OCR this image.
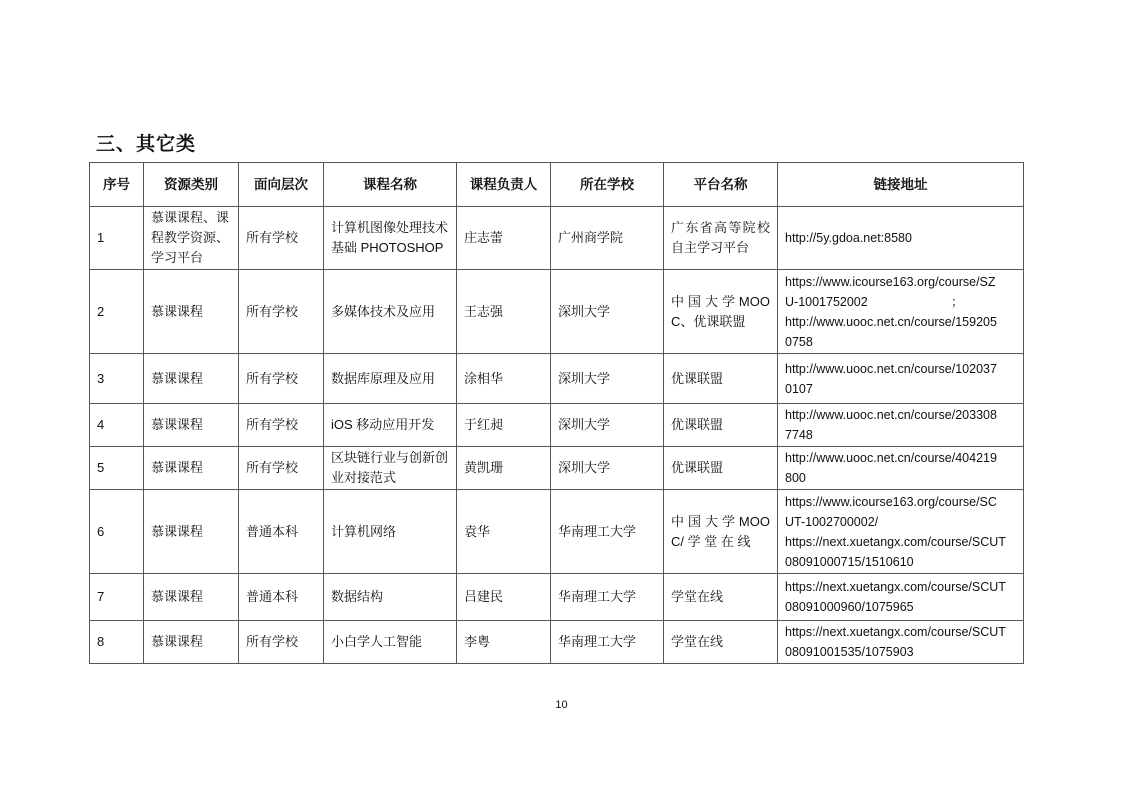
三、其它类
序号	资源类别	面向层次	课程名称	课程负责人	所在学校	平台名称	链接地址
1	慕课课程、课程教学资源、学习平台	所有学校	计算机图像处理技术基础 PHOTOSHOP	庄志蕾	广州商学院	广东省高等院校自主学习平台	http://5y.gdoa.net:8580

2	慕课课程	所有学校	多媒体技术及应用	王志强	深圳大学	中 国 大 学 MOOC、优课联盟	https://www.icourse163.org/course/SZ
U-1001752002                        ；
http://www.uooc.net.cn/course/159205
0758

3	慕课课程	所有学校	数据库原理及应用	涂相华	深圳大学	优课联盟	http://www.uooc.net.cn/course/102037
0107

4	慕课课程	所有学校	iOS 移动应用开发	于红昶	深圳大学	优课联盟	http://www.uooc.net.cn/course/203308
7748

5	慕课课程	所有学校	区块链行业与创新创业对接范式	黄凯珊	深圳大学	优课联盟	http://www.uooc.net.cn/course/404219
800

6	慕课课程	普通本科	计算机网络	袁华	华南理工大学	中 国 大 学 MOOC/ 学 堂 在 线	https://www.icourse163.org/course/SC
UT-1002700002/
https://next.xuetangx.com/course/SCUT
08091000715/1510610

7	慕课课程	普通本科	数据结构	吕建民	华南理工大学	学堂在线	https://next.xuetangx.com/course/SCUT
08091000960/1075965

8	慕课课程	所有学校	小白学人工智能	李粤	华南理工大学	学堂在线	https://next.xuetangx.com/course/SCUT
08091001535/1075903
10
